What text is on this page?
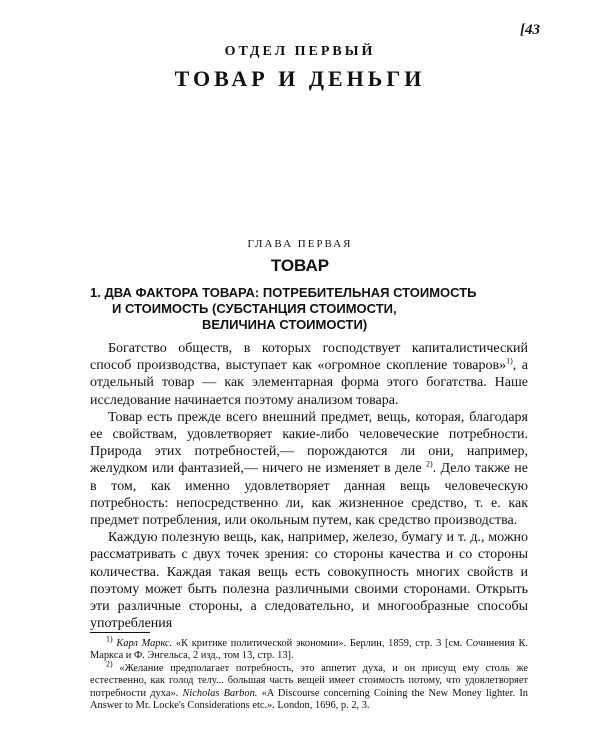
[43
ОТДЕЛ ПЕРВЫЙ
ТОВАР И ДЕНЬГИ
ГЛАВА ПЕРВАЯ
ТОВАР
1. ДВА ФАКТОРА ТОВАРА: ПОТРЕБИТЕЛЬНАЯ СТОИМОСТЬ
И СТОИМОСТЬ (СУБСТАНЦИЯ СТОИМОСТИ,
ВЕЛИЧИНА СТОИМОСТИ)

Богатство обществ, в которых господствует капиталистический способ производства, выступает как «огромное скопление товаров»$^{1)}$, а отдельный товар — как элементарная форма этого богатства. Наше исследование начинается поэтому анализом товара.

Товар есть прежде всего внешний предмет, вещь, которая, благодаря ее свойствам, удовлетворяет какие-либо человеческие потребности. Природа этих потребностей,— порождаются ли они, например, желудком или фантазией,— ничего не изменяет в деле $^{2)}$. Дело также не в том, как именно удовлетворяет данная вещь человеческую потребность: непосредственно ли, как жизненное средство, т. е. как предмет потребления, или окольным путем, как средство производства.

Каждую полезную вещь, как, например, железо, бумагу и т. д., можно рассматривать с двух точек зрения: со стороны качества и со стороны количества. Каждая такая вещь есть совокупность многих свойств и поэтому может быть полезна различными своими сторонами. Открыть эти различные стороны, а следовательно, и многообразные способы употребления

$^{1)}$ Карл Маркс. «К критике политической экономии». Берлин, 1859, стр. 3 [см. Сочинения К. Маркса и Ф. Энгельса, 2 изд., том 13, стр. 13].

$^{2)}$ «Желание предполагает потребность, это аппетит духа, и он присущ ему столь же естественно, как голод телу... большая часть вещей имеет стоимость потому, что удовлетворяет потребности духа». Nicholas Barbon. «A Discourse concerning Coining the New Money lighter. In Answer to Mr. Locke's Considerations etc.». London, 1696, p. 2, 3.
